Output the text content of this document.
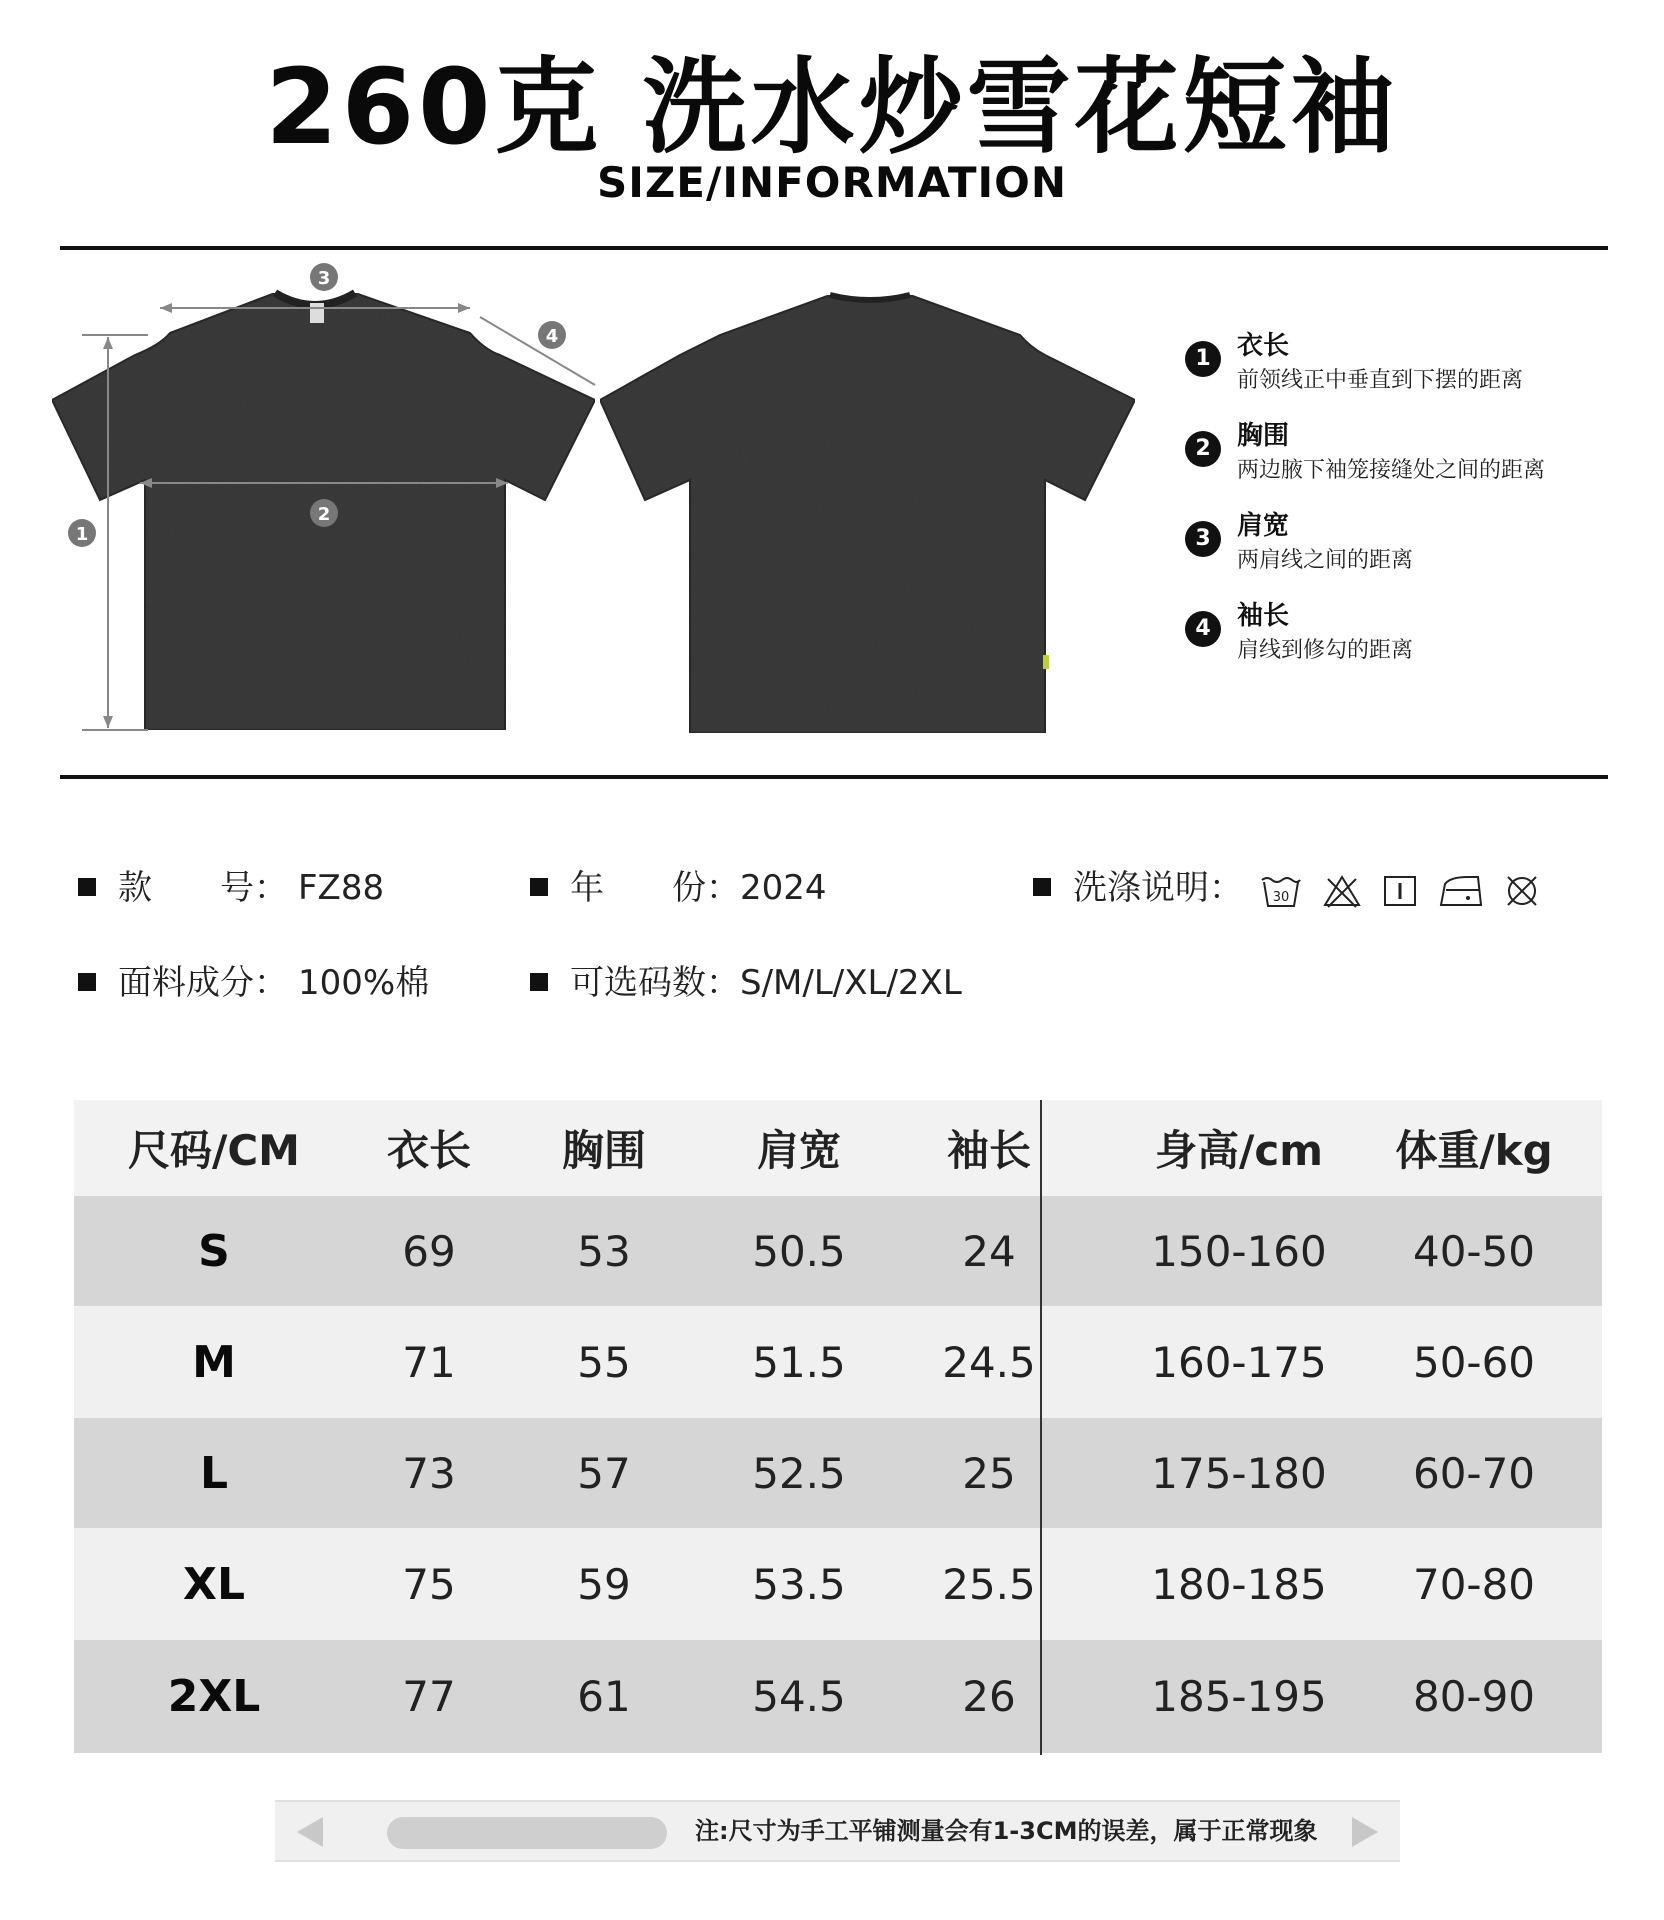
260克 洗水炒雪花短袖
SIZE/INFORMATION
1
2
3
4
1	衣长
前领线正中垂直到下摆的距离
2	胸围
两边腋下袖笼接缝处之间的距离
3	肩宽
两肩线之间的距离
4	袖长
肩线到修勾的距离
款　　号： FZ88	年　　份：2024	洗涤说明： 30
面料成分： 100%棉	可选码数：S/M/L/XL/2XL
尺码/CM	衣长	胸围	肩宽	袖长	身高/cm	体重/kg
S	69	53	50.5	24	150-160	40-50
M	71	55	51.5	24.5	160-175	50-60
L	73	57	52.5	25	175-180	60-70
XL	75	59	53.5	25.5	180-185	70-80
2XL	77	61	54.5	26	185-195	80-90
注:尺寸为手工平铺测量会有1-3CM的误差，属于正常现象
